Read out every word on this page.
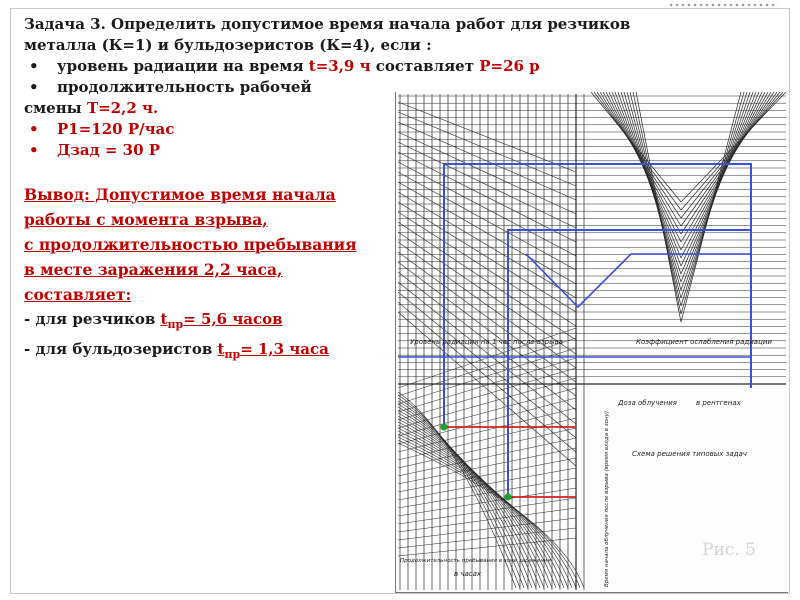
Задача 3. Определить допустимое время начала работ для резчиков
металла (К=1) и бульдозеристов (К=4), если :
• уровень радиации на время t=3,9 ч составляет Р=26 р
• продолжительность рабочей
смены Т=2,2 ч.
• Р1=120 Р/час
• Дзад = 30 Р
Вывод: Допустимое время начала
работы с момента взрыва,
с продолжительностью пребывания
в месте заражения 2,2 часа,
составляет:
- для резчиков $t_{пр}= 5,6$ часов
- для бульдозеристов $t_{пр}= 1,3$ часа	Уровень радиации на 1 час после взрыва	Коэффициент ослабления радиации
Доза облучения	в рентгенах
Схема решения типовых задач
Продолжительность пребывания в зоне заражения
в часах	Время начала облучения после взрыва (время входа в зону)	Рис. 5
